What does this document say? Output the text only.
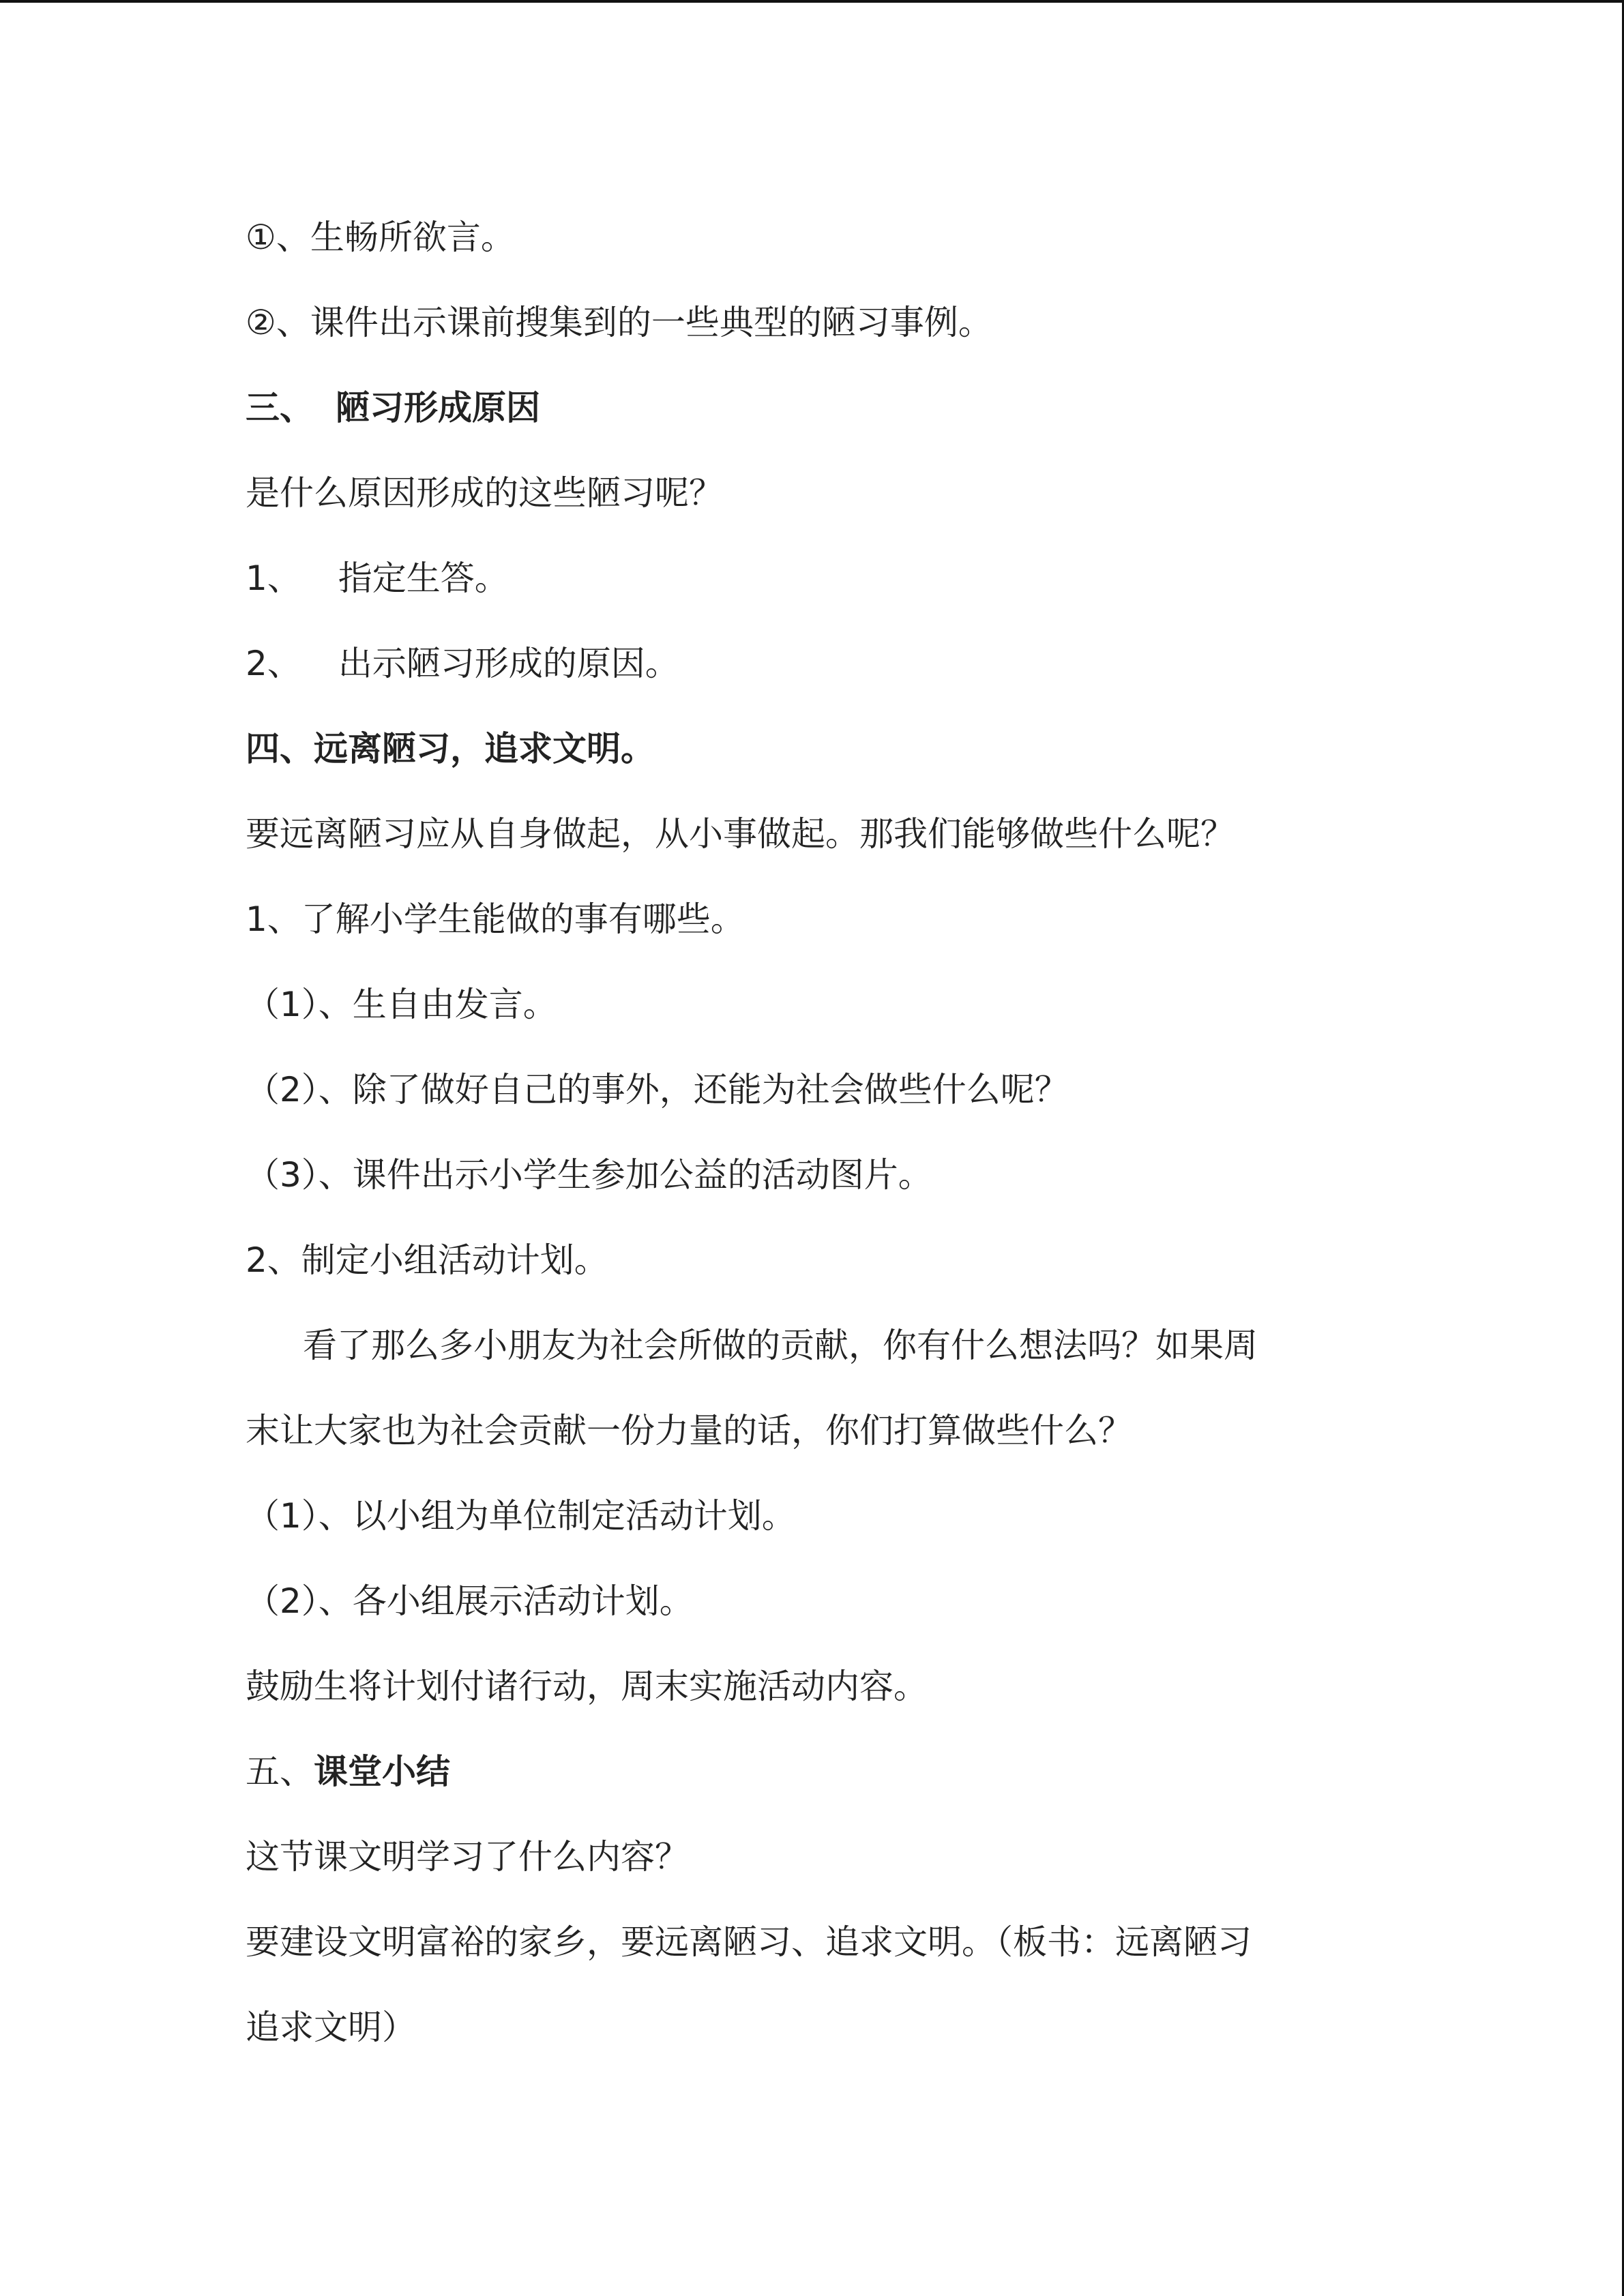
①、生畅所欲言。
②、课件出示课前搜集到的一些典型的陋习事例。
三、 陋习形成原因
是什么原因形成的这些陋习呢？
1、 指定生答。
2、 出示陋习形成的原因。
四、远离陋习，追求文明。
要远离陋习应从自身做起，从小事做起。那我们能够做些什么呢？
1、了解小学生能做的事有哪些。
（1）、生自由发言。
（2）、除了做好自己的事外，还能为社会做些什么呢？
（3）、课件出示小学生参加公益的活动图片。
2、制定小组活动计划。
看了那么多小朋友为社会所做的贡献，你有什么想法吗？如果周
末让大家也为社会贡献一份力量的话，你们打算做些什么？
（1）、以小组为单位制定活动计划。
（2）、各小组展示活动计划。
鼓励生将计划付诸行动，周末实施活动内容。
五、课堂小结
这节课文明学习了什么内容？
要建设文明富裕的家乡，要远离陋习、追求文明。（板书：远离陋习
追求文明）
